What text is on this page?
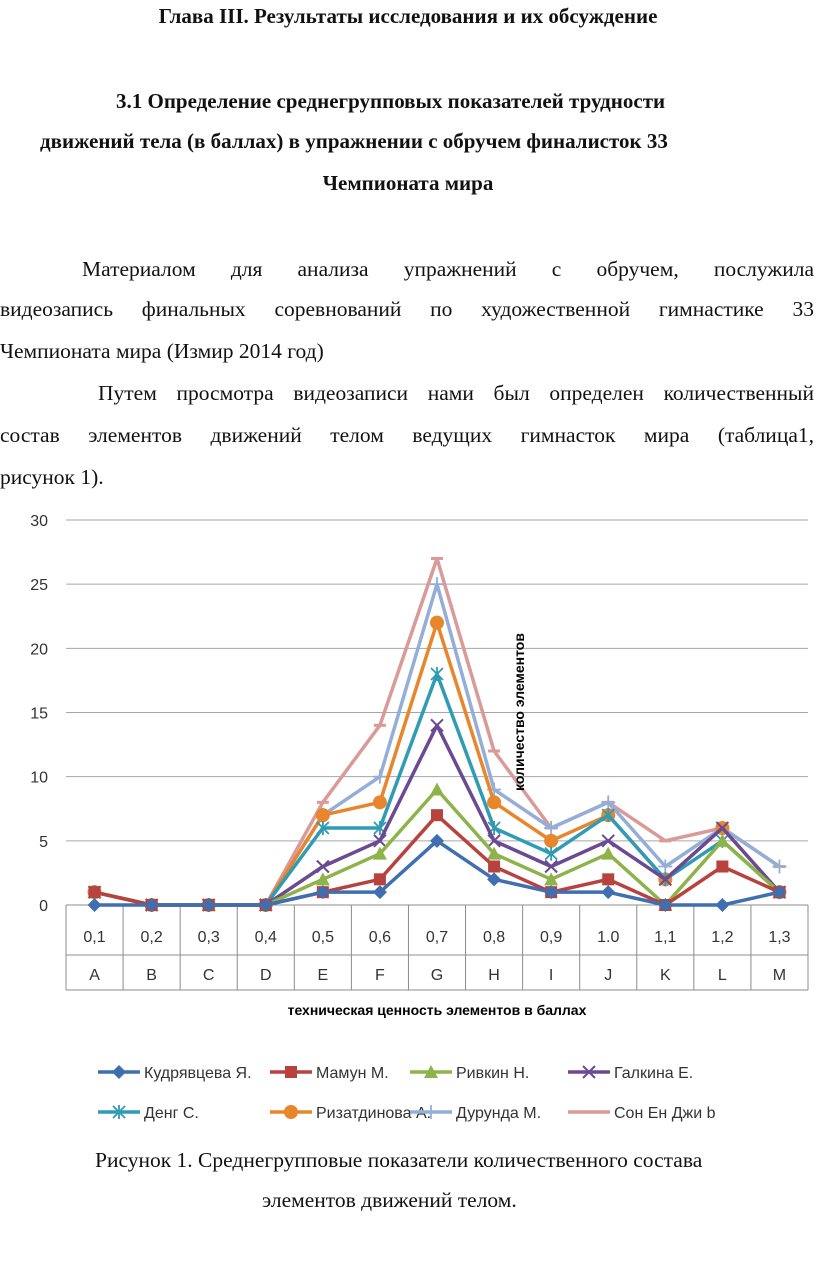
Глава III. Результаты исследования и их обсуждение
3.1 Определение среднегрупповых показателей трудности
движений тела (в баллах) в упражнении с обручем финалисток 33
Чемпионата мира
Материалом для анализа упражнений с обручем, послужила
видеозапись финальных соревнований по художественной гимнастике 33
Чемпионата мира (Измир 2014 год)
Путем просмотра видеозаписи нами был определен количественный
состав элементов движений телом ведущих гимнасток мира (таблица1,
рисунок 1).
0
5
10
15
20
25
30
0,1
A
0,2
B
0,3
C
0,4
D
0,5
E
0,6
F
0,7
G
0,8
H
0,9
I
1.0
J
1,1
K
1,2
L
1,3
M
количество элементов
техническая ценность элементов в баллах
Кудрявцева Я.	Мамун М.	Ривкин Н.	Галкина Е.
Денг С.	Ризатдинова А. Дурунда М.	Сон Ен Джи b
Рисунок 1. Среднегрупповые показатели количественного состава
элементов движений телом.
